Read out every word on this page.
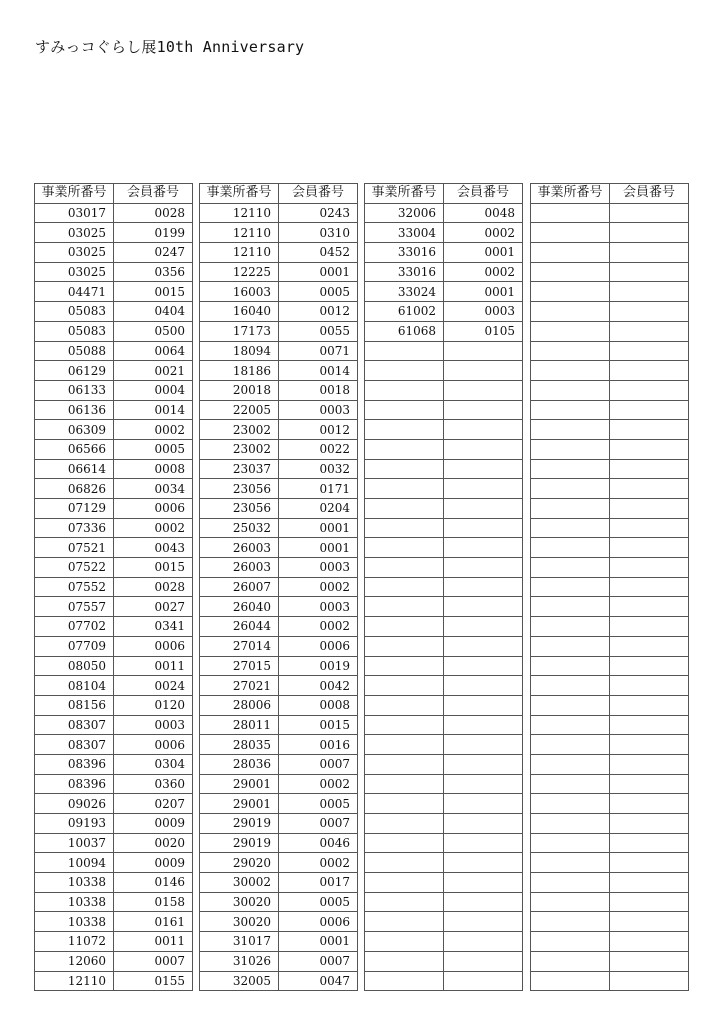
すみっコぐらし展10th Anniversary
事業所番号	会員番号
03017	0028
03025	0199
03025	0247
03025	0356
04471	0015
05083	0404
05083	0500
05088	0064
06129	0021
06133	0004
06136	0014
06309	0002
06566	0005
06614	0008
06826	0034
07129	0006
07336	0002
07521	0043
07522	0015
07552	0028
07557	0027
07702	0341
07709	0006
08050	0011
08104	0024
08156	0120
08307	0003
08307	0006
08396	0304
08396	0360
09026	0207
09193	0009
10037	0020
10094	0009
10338	0146
10338	0158
10338	0161
11072	0011
12060	0007
12110	0155
事業所番号	会員番号
12110	0243
12110	0310
12110	0452
12225	0001
16003	0005
16040	0012
17173	0055
18094	0071
18186	0014
20018	0018
22005	0003
23002	0012
23002	0022
23037	0032
23056	0171
23056	0204
25032	0001
26003	0001
26003	0003
26007	0002
26040	0003
26044	0002
27014	0006
27015	0019
27021	0042
28006	0008
28011	0015
28035	0016
28036	0007
29001	0002
29001	0005
29019	0007
29019	0046
29020	0002
30002	0017
30020	0005
30020	0006
31017	0001
31026	0007
32005	0047
事業所番号	会員番号
32006	0048
33004	0002
33016	0001
33016	0002
33024	0001
61002	0003
61068	0105

事業所番号	会員番号
